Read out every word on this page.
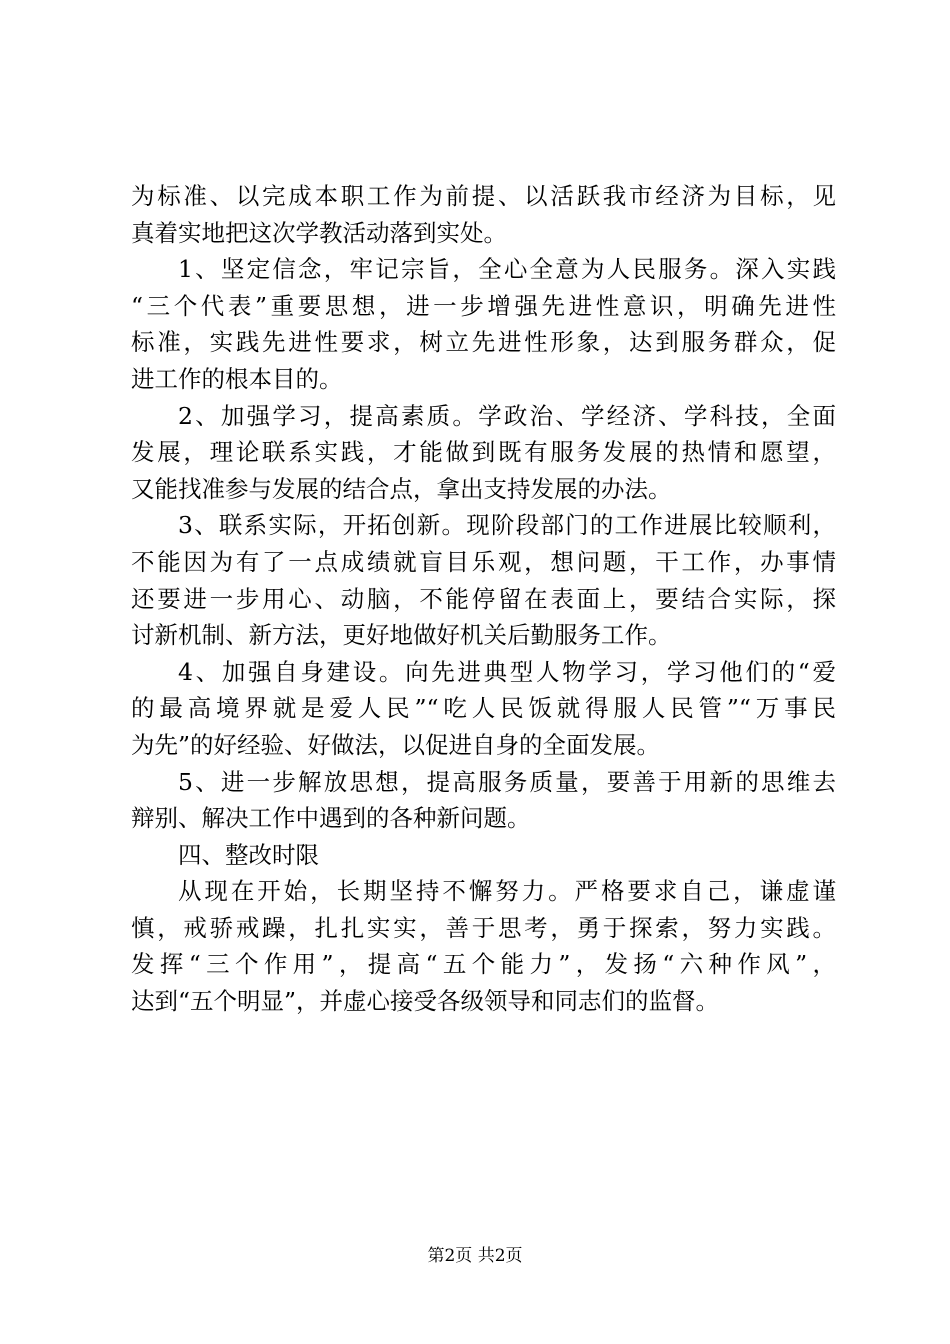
为标准、以完成本职工作为前提、以活跃我市经济为目标，见
真着实地把这次学教活动落到实处。
1、坚定信念，牢记宗旨，全心全意为人民服务。深入实践
“三个代表”重要思想，进一步增强先进性意识，明确先进性
标准，实践先进性要求，树立先进性形象，达到服务群众，促
进工作的根本目的。
2、加强学习，提高素质。学政治、学经济、学科技，全面
发展，理论联系实践，才能做到既有服务发展的热情和愿望，
又能找准参与发展的结合点，拿出支持发展的办法。
3、联系实际，开拓创新。现阶段部门的工作进展比较顺利，
不能因为有了一点成绩就盲目乐观，想问题，干工作，办事情
还要进一步用心、动脑，不能停留在表面上，要结合实际，探
讨新机制、新方法，更好地做好机关后勤服务工作。
4、加强自身建设。向先进典型人物学习，学习他们的“爱
的最高境界就是爱人民”“吃人民饭就得服人民管”“万事民
为先”的好经验、好做法，以促进自身的全面发展。
5、进一步解放思想，提高服务质量，要善于用新的思维去
辩别、解决工作中遇到的各种新问题。
四、整改时限
从现在开始，长期坚持不懈努力。严格要求自己，谦虚谨
慎，戒骄戒躁，扎扎实实，善于思考，勇于探索，努力实践。
发挥“三个作用”，提高“五个能力”，发扬“六种作风”，
达到“五个明显”，并虚心接受各级领导和同志们的监督。
第2页 共2页
